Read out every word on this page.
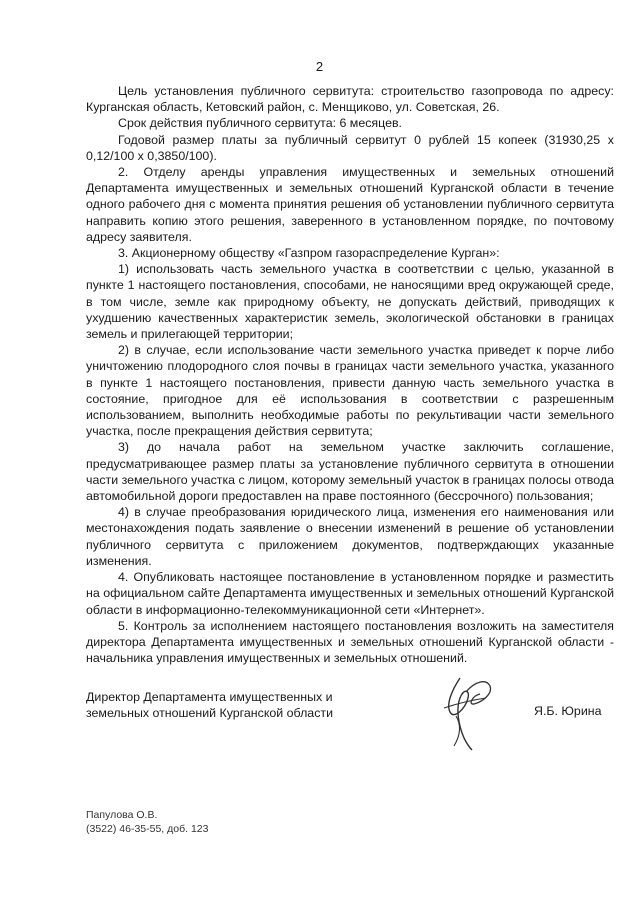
2

Цель установления публичного сервитута: строительство газопровода по адресу: Курганская область, Кетовский район, с. Менщиково, ул. Советская, 26.

Срок действия публичного сервитута: 6 месяцев.

Годовой размер платы за публичный сервитут 0 рублей 15 копеек (31930,25 х 0,12/100 х 0,3850/100).

2. Отделу аренды управления имущественных и земельных отношений Департамента имущественных и земельных отношений Курганской области в течение одного рабочего дня с момента принятия решения об установлении публичного сервитута направить копию этого решения, заверенного в установленном порядке, по почтовому адресу заявителя.

3. Акционерному обществу «Газпром газораспределение Курган»:

1) использовать часть земельного участка в соответствии с целью, указанной в пункте 1 настоящего постановления, способами, не наносящими вред окружающей среде, в том числе, земле как природному объекту, не допускать действий, приводящих к ухудшению качественных характеристик земель, экологической обстановки в границах земель и прилегающей территории;

2) в случае, если использование части земельного участка приведет к порче либо уничтожению плодородного слоя почвы в границах части земельного участка, указанного в пункте 1 настоящего постановления, привести данную часть земельного участка в состояние, пригодное для её использования в соответствии с разрешенным использованием, выполнить необходимые работы по рекультивации части земельного участка, после прекращения действия сервитута;

3) до начала работ на земельном участке заключить соглашение, предусматривающее размер платы за установление публичного сервитута в отношении части земельного участка с лицом, которому земельный участок в границах полосы отвода автомобильной дороги предоставлен на праве постоянного (бессрочного) пользования;

4) в случае преобразования юридического лица, изменения его наименования или местонахождения подать заявление о внесении изменений в решение об установлении публичного сервитута с приложением документов, подтверждающих указанные изменения.

4. Опубликовать настоящее постановление в установленном порядке и разместить на официальном сайте Департамента имущественных и земельных отношений Курганской области в информационно-телекоммуникационной сети «Интернет».

5. Контроль за исполнением настоящего постановления возложить на заместителя директора Департамента имущественных и земельных отношений Курганской области - начальника управления имущественных и земельных отношений.

Директор Департамента имущественных и
земельных отношений Курганской области	Я.Б. Юрина
Папулова О.В.
(3522) 46-35-55, доб. 123
